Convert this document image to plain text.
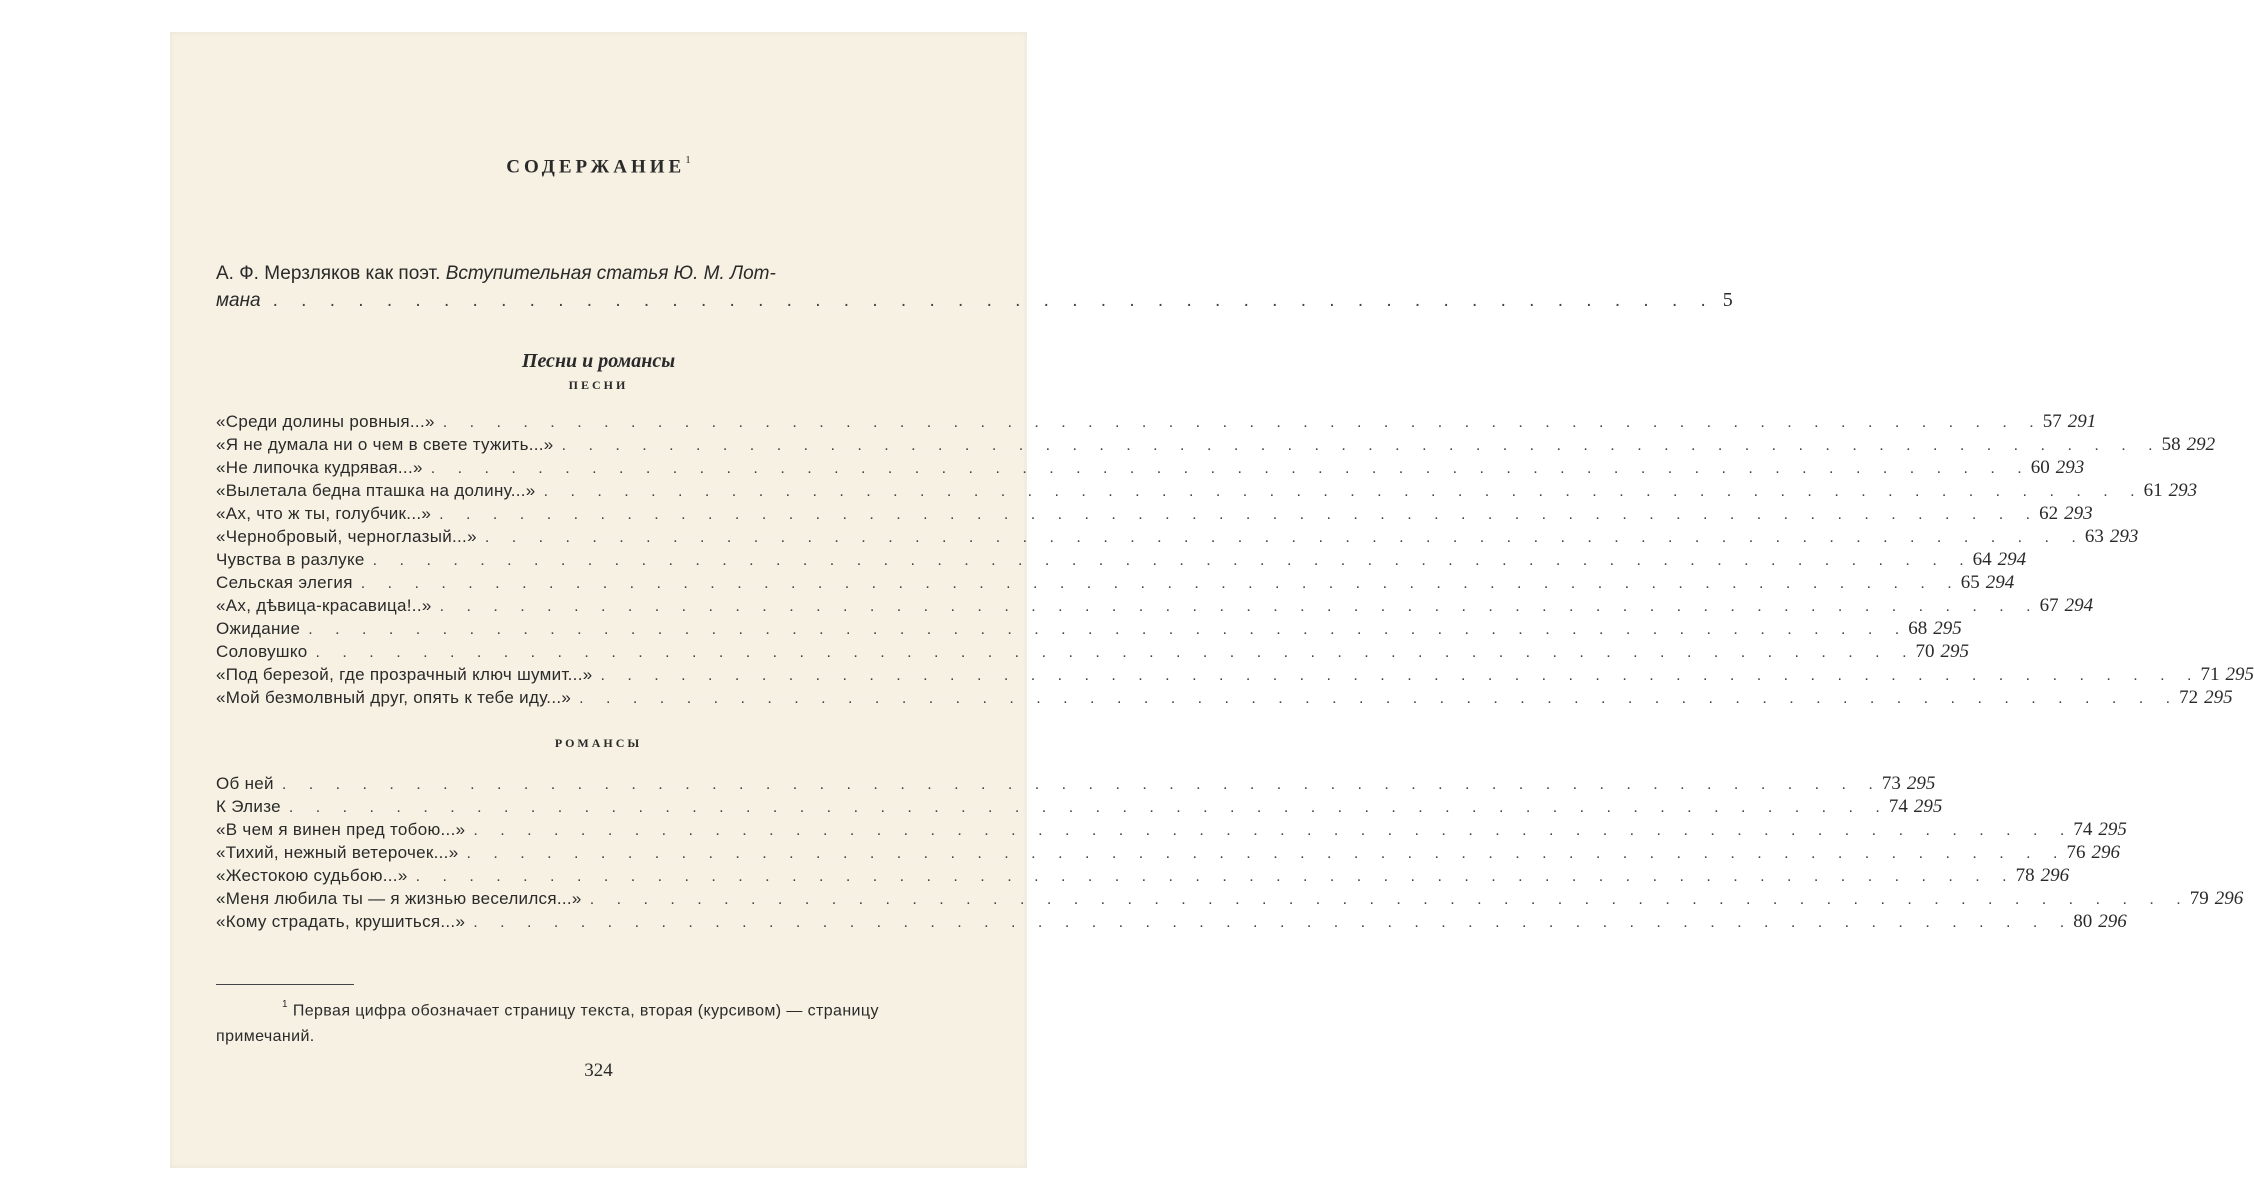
СОДЕРЖАНИЕ$^1$
А. Ф. Мерзляков как поэт. Вступительная статья Ю. М. Лот-
мана . . . . . . . . . . . . . . . . . . . . . . . . . . . . . . . . . . . . . . . . . . . . . . . . . . . 5
Песни и романсы
ПЕСНИ
«Среди долины ровныя...» . . . . . . . . . . . . . . . . . . . . . . . . . . . . . . . . . . . . . . . . . . . . . . . . . . . . . . . . . . . . 57 291
«Я не думала ни о чем в свете тужить...» . . . . . . . . . . . . . . . . . . . . . . . . . . . . . . . . . . . . . . . . . . . . . . . . . . . . . . . . . . . . 58 292
«Не липочка кудрявая...» . . . . . . . . . . . . . . . . . . . . . . . . . . . . . . . . . . . . . . . . . . . . . . . . . . . . . . . . . . . . 60 293
«Вылетала бедна пташка на долину...» . . . . . . . . . . . . . . . . . . . . . . . . . . . . . . . . . . . . . . . . . . . . . . . . . . . . . . . . . . . . 61 293
«Ах, что ж ты, голубчик...» . . . . . . . . . . . . . . . . . . . . . . . . . . . . . . . . . . . . . . . . . . . . . . . . . . . . . . . . . . . . 62 293
«Чернобровый, черноглазый...» . . . . . . . . . . . . . . . . . . . . . . . . . . . . . . . . . . . . . . . . . . . . . . . . . . . . . . . . . . . . 63 293
Чувства в разлуке . . . . . . . . . . . . . . . . . . . . . . . . . . . . . . . . . . . . . . . . . . . . . . . . . . . . . . . . . . . . 64 294
Сельская элегия . . . . . . . . . . . . . . . . . . . . . . . . . . . . . . . . . . . . . . . . . . . . . . . . . . . . . . . . . . . . 65 294
«Ах, дѣвица-красавица!..» . . . . . . . . . . . . . . . . . . . . . . . . . . . . . . . . . . . . . . . . . . . . . . . . . . . . . . . . . . . . 67 294
Ожидание . . . . . . . . . . . . . . . . . . . . . . . . . . . . . . . . . . . . . . . . . . . . . . . . . . . . . . . . . . . . 68 295
Соловушко . . . . . . . . . . . . . . . . . . . . . . . . . . . . . . . . . . . . . . . . . . . . . . . . . . . . . . . . . . . . 70 295
«Под березой, где прозрачный ключ шумит...» . . . . . . . . . . . . . . . . . . . . . . . . . . . . . . . . . . . . . . . . . . . . . . . . . . . . . . . . . . . . 71 295
«Мой безмолвный друг, опять к тебе иду...» . . . . . . . . . . . . . . . . . . . . . . . . . . . . . . . . . . . . . . . . . . . . . . . . . . . . . . . . . . . . 72 295
РОМАНСЫ
Об ней . . . . . . . . . . . . . . . . . . . . . . . . . . . . . . . . . . . . . . . . . . . . . . . . . . . . . . . . . . . . 73 295
К Элизе . . . . . . . . . . . . . . . . . . . . . . . . . . . . . . . . . . . . . . . . . . . . . . . . . . . . . . . . . . . . 74 295
«В чем я винен пред тобою...» . . . . . . . . . . . . . . . . . . . . . . . . . . . . . . . . . . . . . . . . . . . . . . . . . . . . . . . . . . . . 74 295
«Тихий, нежный ветерочек...» . . . . . . . . . . . . . . . . . . . . . . . . . . . . . . . . . . . . . . . . . . . . . . . . . . . . . . . . . . . . 76 296
«Жестокою судьбою...» . . . . . . . . . . . . . . . . . . . . . . . . . . . . . . . . . . . . . . . . . . . . . . . . . . . . . . . . . . . . 78 296
«Меня любила ты — я жизнью веселился...» . . . . . . . . . . . . . . . . . . . . . . . . . . . . . . . . . . . . . . . . . . . . . . . . . . . . . . . . . . . . 79 296
«Кому страдать, крушиться...» . . . . . . . . . . . . . . . . . . . . . . . . . . . . . . . . . . . . . . . . . . . . . . . . . . . . . . . . . . . . 80 296
$^1$ Первая цифра обозначает страницу текста, вторая (курсивом) — страницу примечаний.
324
